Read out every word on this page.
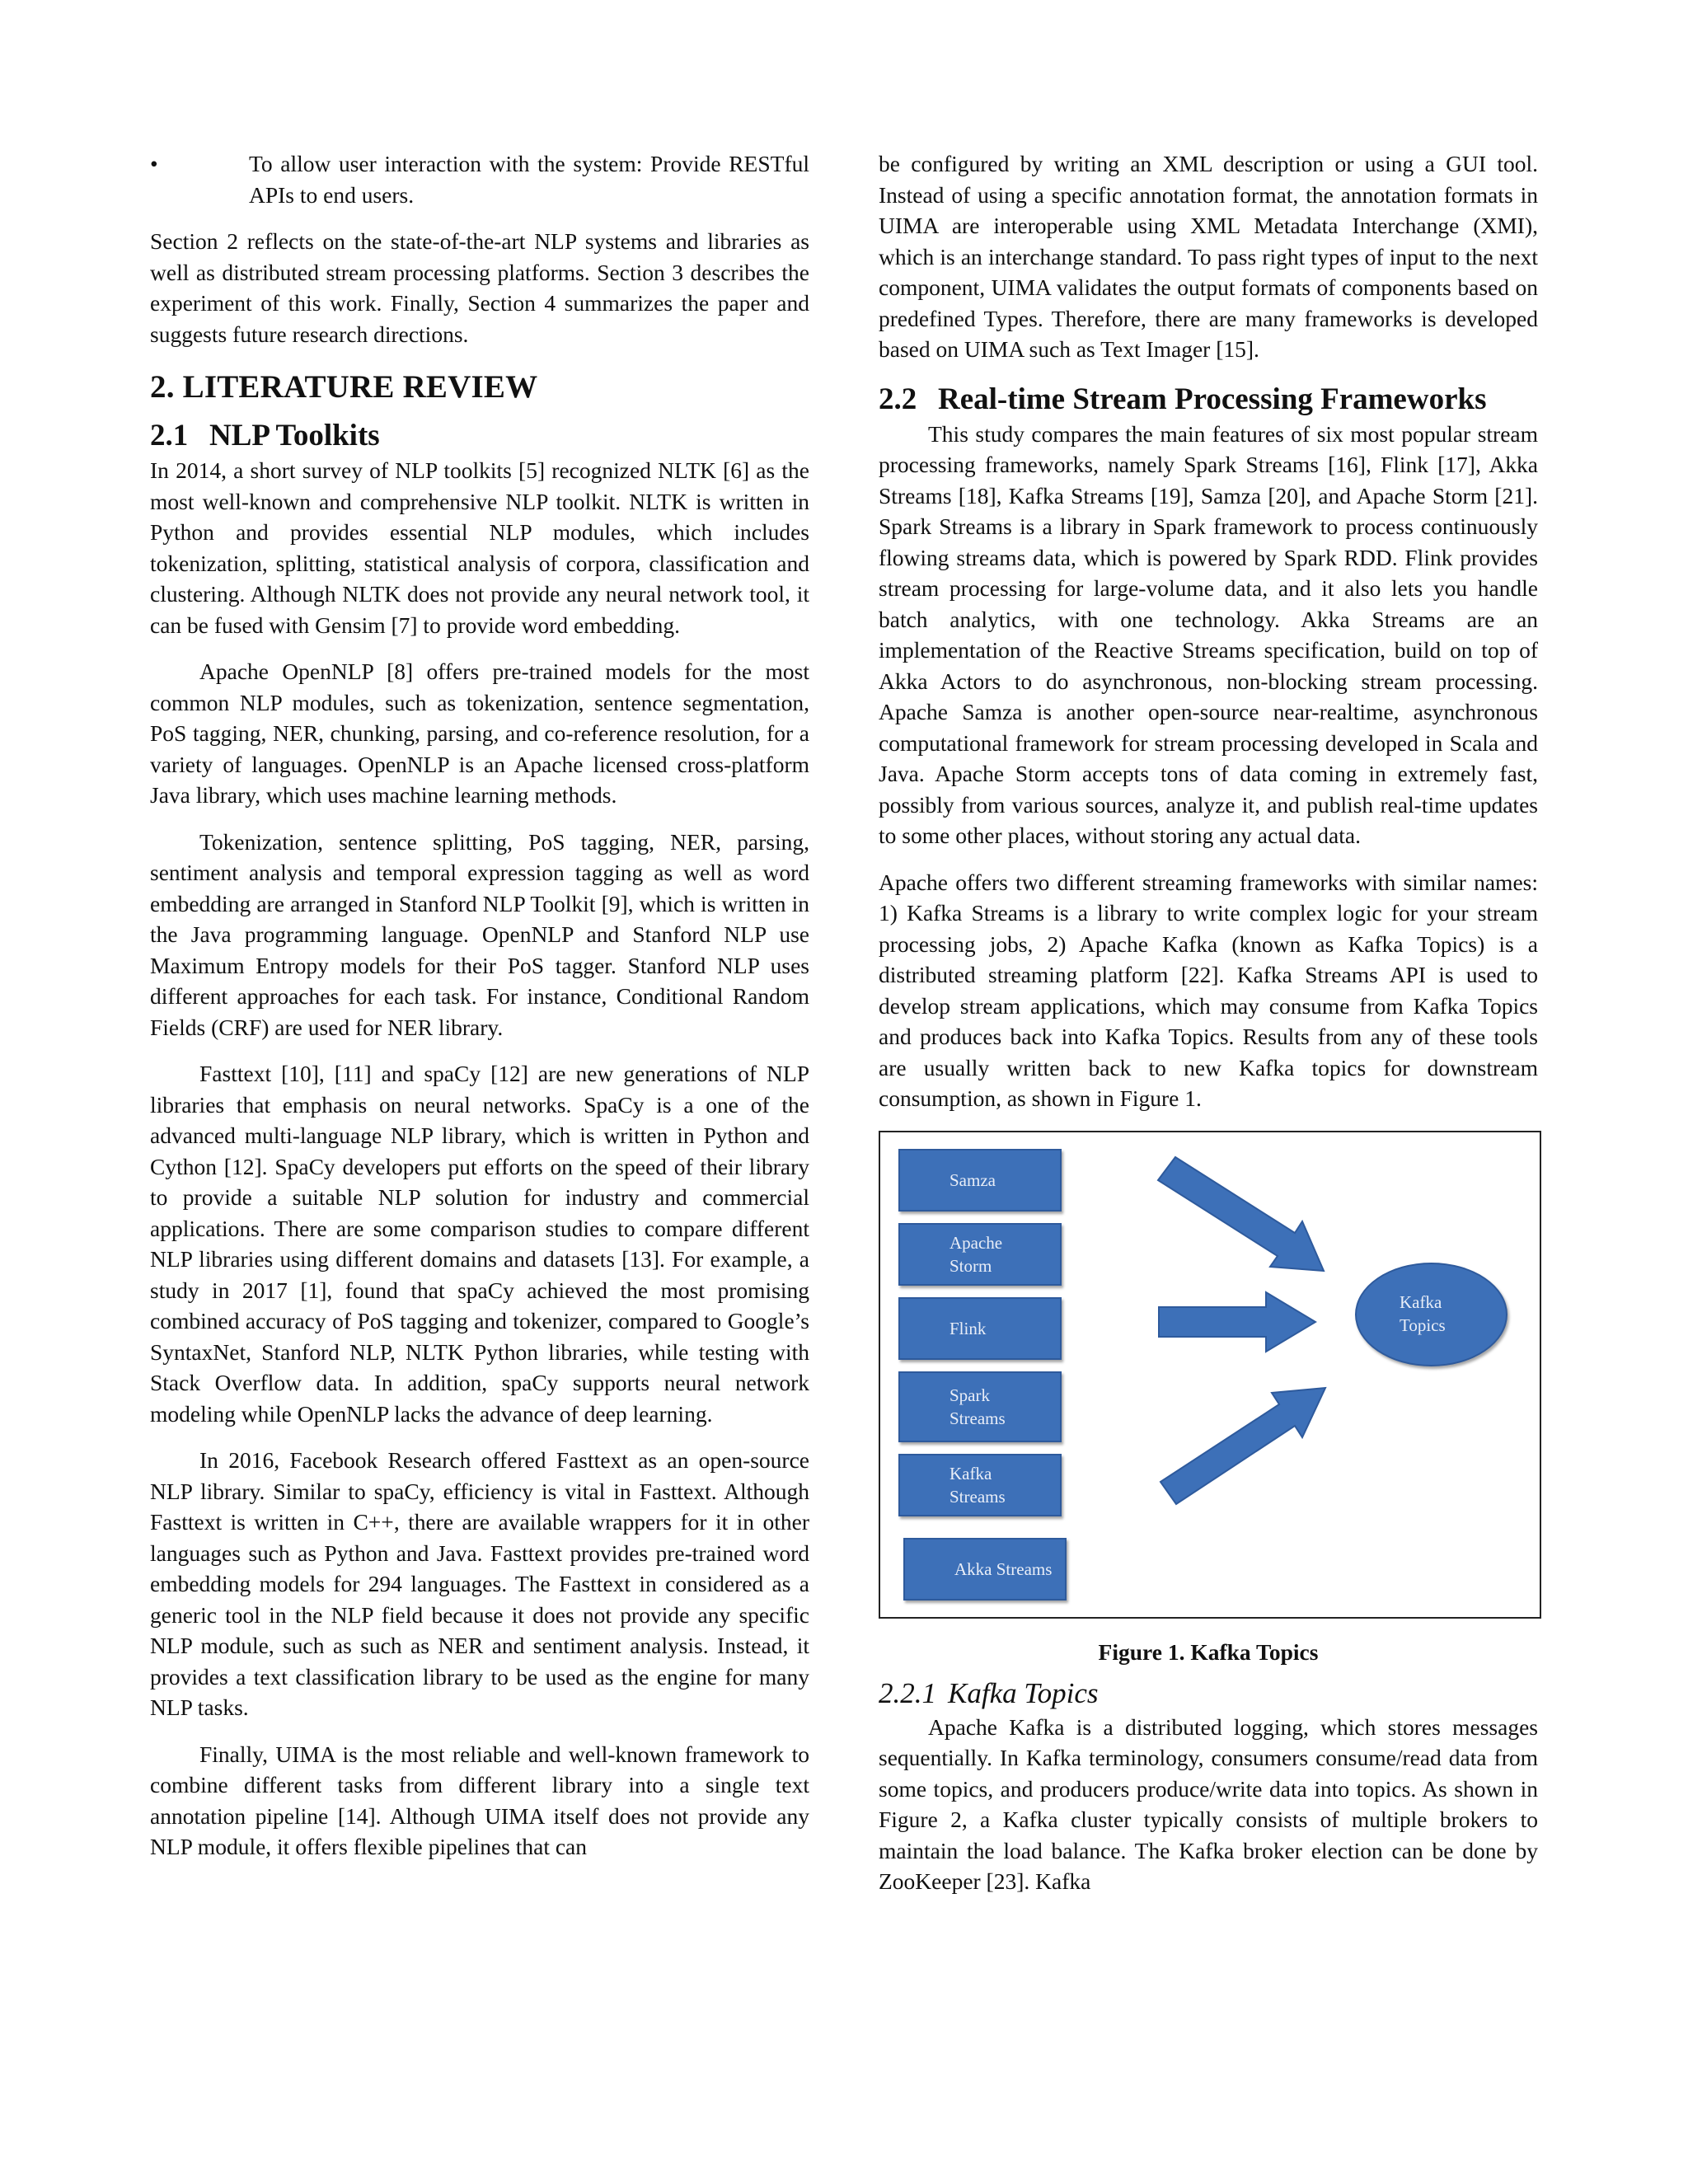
•	To allow user interaction with the system: Provide RESTful APIs to end users.

Section 2 reflects on the state-of-the-art NLP systems and libraries as well as distributed stream processing platforms. Section 3 describes the experiment of this work. Finally, Section 4 summarizes the paper and suggests future research directions.

2. LITERATURE REVIEW
2.1 NLP Toolkits

In 2014, a short survey of NLP toolkits [5] recognized NLTK [6] as the most well-known and comprehensive NLP toolkit. NLTK is written in Python and provides essential NLP modules, which includes tokenization, splitting, statistical analysis of corpora, classification and clustering. Although NLTK does not provide any neural network tool, it can be fused with Gensim [7] to provide word embedding.

Apache OpenNLP [8] offers pre-trained models for the most common NLP modules, such as tokenization, sentence segmentation, PoS tagging, NER, chunking, parsing, and co-reference resolution, for a variety of languages. OpenNLP is an Apache licensed cross-platform Java library, which uses machine learning methods.

Tokenization, sentence splitting, PoS tagging, NER, parsing, sentiment analysis and temporal expression tagging as well as word embedding are arranged in Stanford NLP Toolkit [9], which is written in the Java programming language. OpenNLP and Stanford NLP use Maximum Entropy models for their PoS tagger. Stanford NLP uses different approaches for each task. For instance, Conditional Random Fields (CRF) are used for NER library.

Fasttext [10], [11] and spaCy [12] are new generations of NLP libraries that emphasis on neural networks. SpaCy is a one of the advanced multi-language NLP library, which is written in Python and Cython [12]. SpaCy developers put efforts on the speed of their library to provide a suitable NLP solution for industry and commercial applications. There are some comparison studies to compare different NLP libraries using different domains and datasets [13]. For example, a study in 2017 [1], found that spaCy achieved the most promising combined accuracy of PoS tagging and tokenizer, compared to Google’s SyntaxNet, Stanford NLP, NLTK Python libraries, while testing with Stack Overflow data. In addition, spaCy supports neural network modeling while OpenNLP lacks the advance of deep learning.

In 2016, Facebook Research offered Fasttext as an open-source NLP library. Similar to spaCy, efficiency is vital in Fasttext. Although Fasttext is written in C++, there are available wrappers for it in other languages such as Python and Java. Fasttext provides pre-trained word embedding models for 294 languages. The Fasttext in considered as a generic tool in the NLP field because it does not provide any specific NLP module, such as such as NER and sentiment analysis. Instead, it provides a text classification library to be used as the engine for many NLP tasks.

Finally, UIMA is the most reliable and well-known framework to combine different tasks from different library into a single text annotation pipeline [14]. Although UIMA itself does not provide any NLP module, it offers flexible pipelines that can

be configured by writing an XML description or using a GUI tool. Instead of using a specific annotation format, the annotation formats in UIMA are interoperable using XML Metadata Interchange (XMI), which is an interchange standard. To pass right types of input to the next component, UIMA validates the output formats of components based on predefined Types. Therefore, there are many frameworks is developed based on UIMA such as Text Imager [15].

2.2 Real-time Stream Processing Frameworks

This study compares the main features of six most popular stream processing frameworks, namely Spark Streams [16], Flink [17], Akka Streams [18], Kafka Streams [19], Samza [20], and Apache Storm [21]. Spark Streams is a library in Spark framework to process continuously flowing streams data, which is powered by Spark RDD. Flink provides stream processing for large-volume data, and it also lets you handle batch analytics, with one technology. Akka Streams are an implementation of the Reactive Streams specification, build on top of Akka Actors to do asynchronous, non-blocking stream processing. Apache Samza is another open-source near-realtime, asynchronous computational framework for stream processing developed in Scala and Java. Apache Storm accepts tons of data coming in extremely fast, possibly from various sources, analyze it, and publish real-time updates to some other places, without storing any actual data.

Apache offers two different streaming frameworks with similar names: 1) Kafka Streams is a library to write complex logic for your stream processing jobs, 2) Apache Kafka (known as Kafka Topics) is a distributed streaming platform [22]. Kafka Streams API is used to develop stream applications, which may consume from Kafka Topics and produces back into Kafka Topics. Results from any of these tools are usually written back to new Kafka topics for downstream consumption, as shown in Figure 1.

Samza
Apache Storm
Flink
Spark Streams
Kafka Streams
Akka Streams
Kafka Topics

Figure 1. Kafka Topics

2.2.1 Kafka Topics

Apache Kafka is a distributed logging, which stores messages sequentially. In Kafka terminology, consumers consume/read data from some topics, and producers produce/write data into topics. As shown in Figure 2, a Kafka cluster typically consists of multiple brokers to maintain the load balance. The Kafka broker election can be done by ZooKeeper [23]. Kafka
